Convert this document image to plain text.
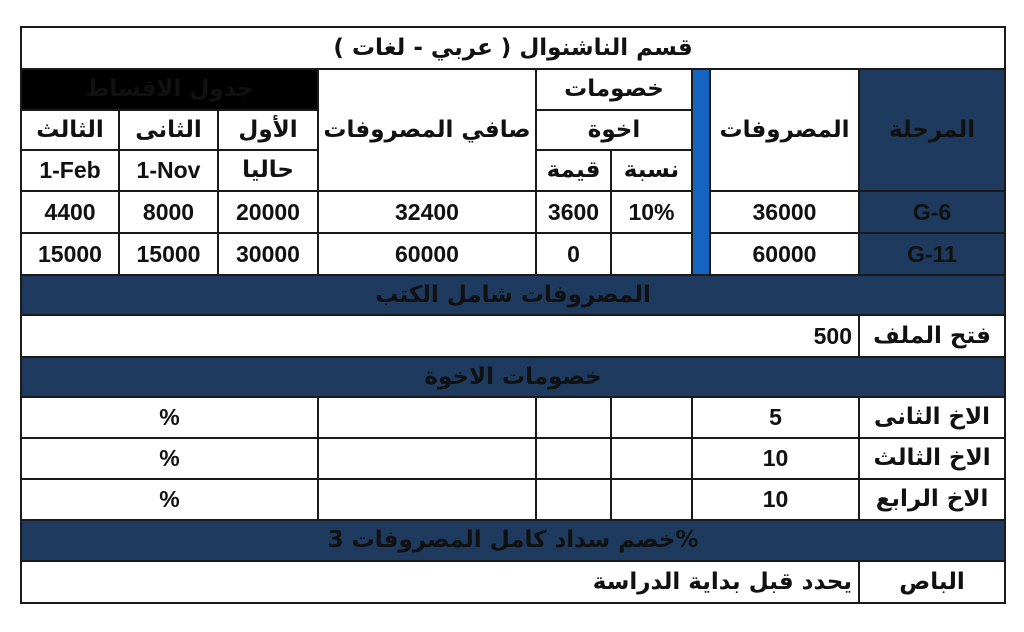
قسم الناشنوال ( عربي - لغات )								
جدول الاقساط			صافي المصروفات	خصومات			المصروفات	المرحلة
الثالث	الثانى	الأول		اخوة				
1-Feb	1-Nov	حاليا		قيمة	نسبة			
4400	8000	20000	32400	3600	10%		36000	G-6
15000	15000	30000	60000	0			60000	G-11
المصروفات شامل الكتب								
500								فتح الملف
خصومات الاخوة								
%						5		الاخ الثانى
%						10		الاخ الثالث
%						10		الاخ الرابع
خصم سداد كامل المصروفات 3%								
يحدد قبل بداية الدراسة								الباص
